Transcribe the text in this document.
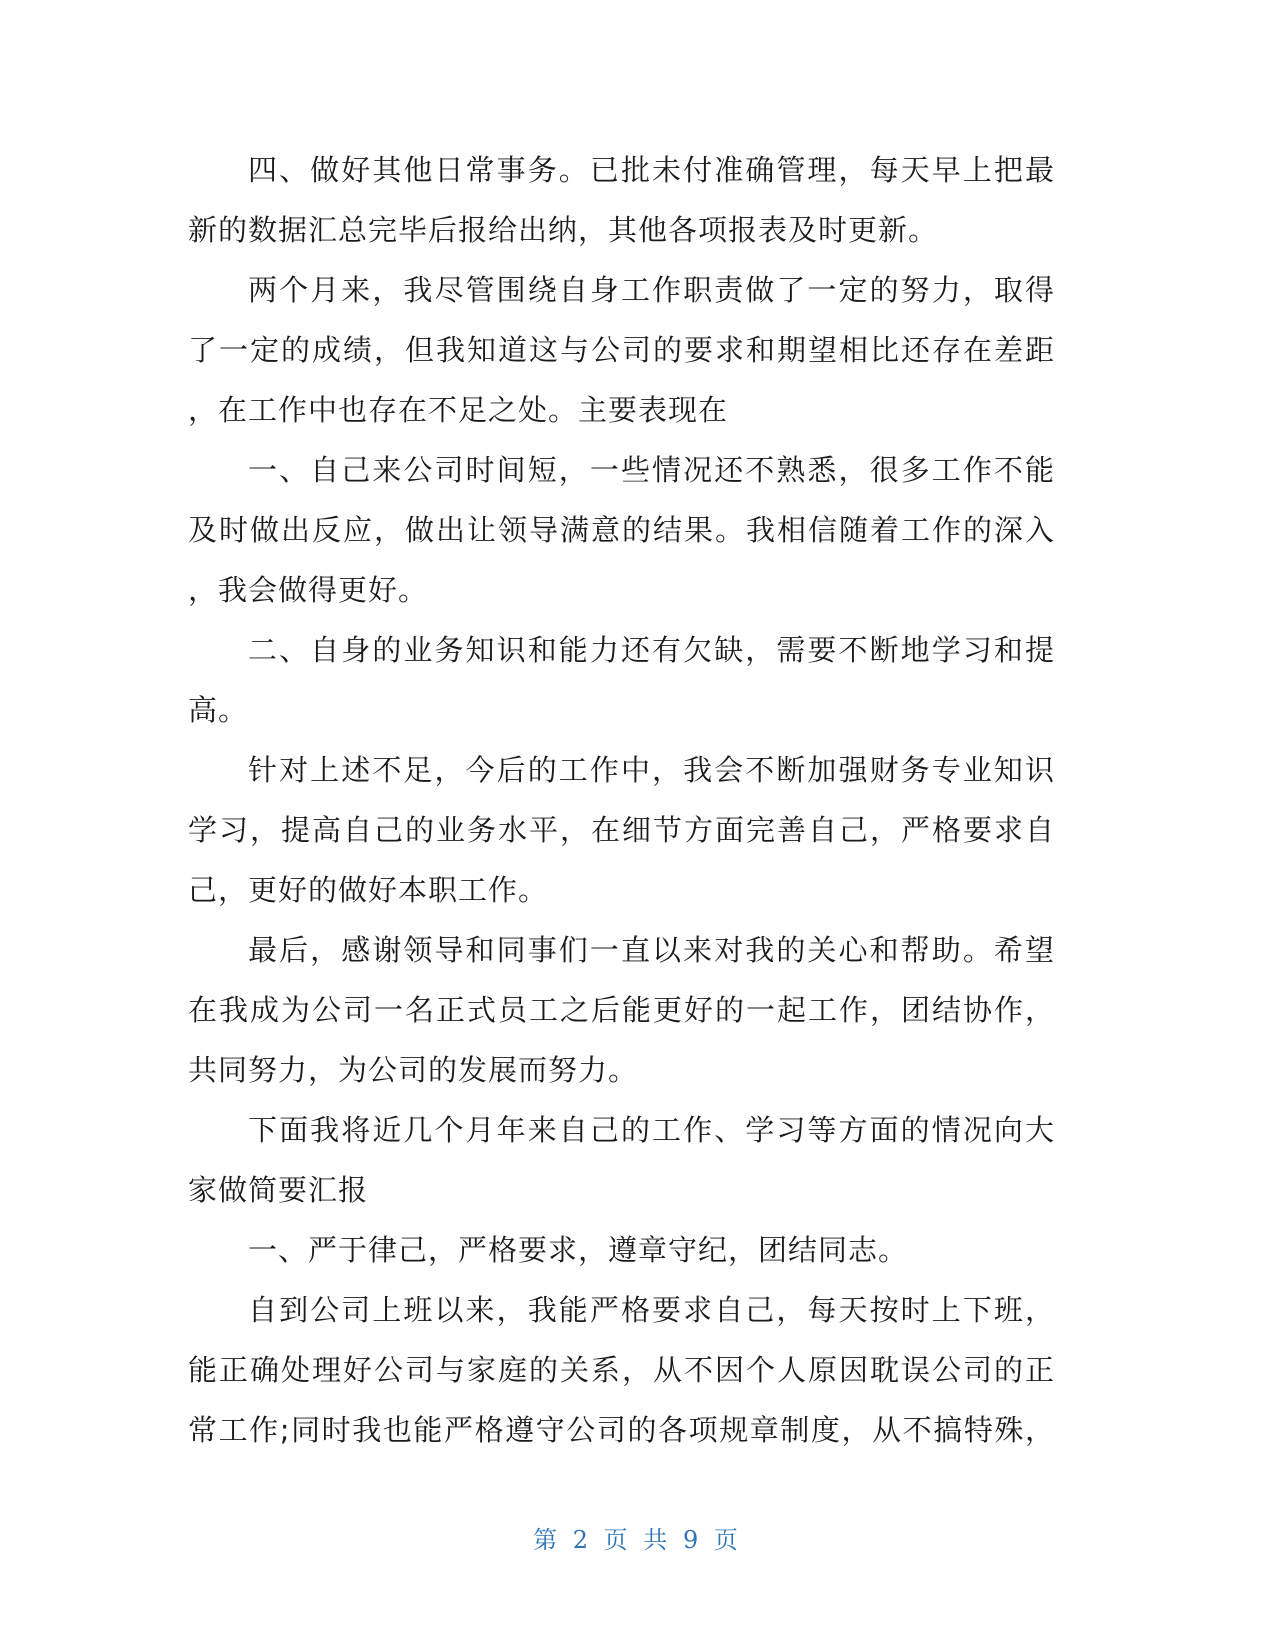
四、做好其他日常事务。已批未付准确管理，每天早上把最
新的数据汇总完毕后报给出纳，其他各项报表及时更新。
两个月来，我尽管围绕自身工作职责做了一定的努力，取得
了一定的成绩，但我知道这与公司的要求和期望相比还存在差距
，在工作中也存在不足之处。主要表现在
一、自己来公司时间短，一些情况还不熟悉，很多工作不能
及时做出反应，做出让领导满意的结果。我相信随着工作的深入
，我会做得更好。
二、自身的业务知识和能力还有欠缺，需要不断地学习和提
高。
针对上述不足，今后的工作中，我会不断加强财务专业知识
学习，提高自己的业务水平，在细节方面完善自己，严格要求自
己，更好的做好本职工作。
最后，感谢领导和同事们一直以来对我的关心和帮助。希望
在我成为公司一名正式员工之后能更好的一起工作，团结协作，
共同努力，为公司的发展而努力。
下面我将近几个月年来自己的工作、学习等方面的情况向大
家做简要汇报
一、严于律己，严格要求，遵章守纪，团结同志。
自到公司上班以来，我能严格要求自己，每天按时上下班，
能正确处理好公司与家庭的关系，从不因个人原因耽误公司的正
常工作;同时我也能严格遵守公司的各项规章制度，从不搞特殊，
第 2 页 共 9 页
